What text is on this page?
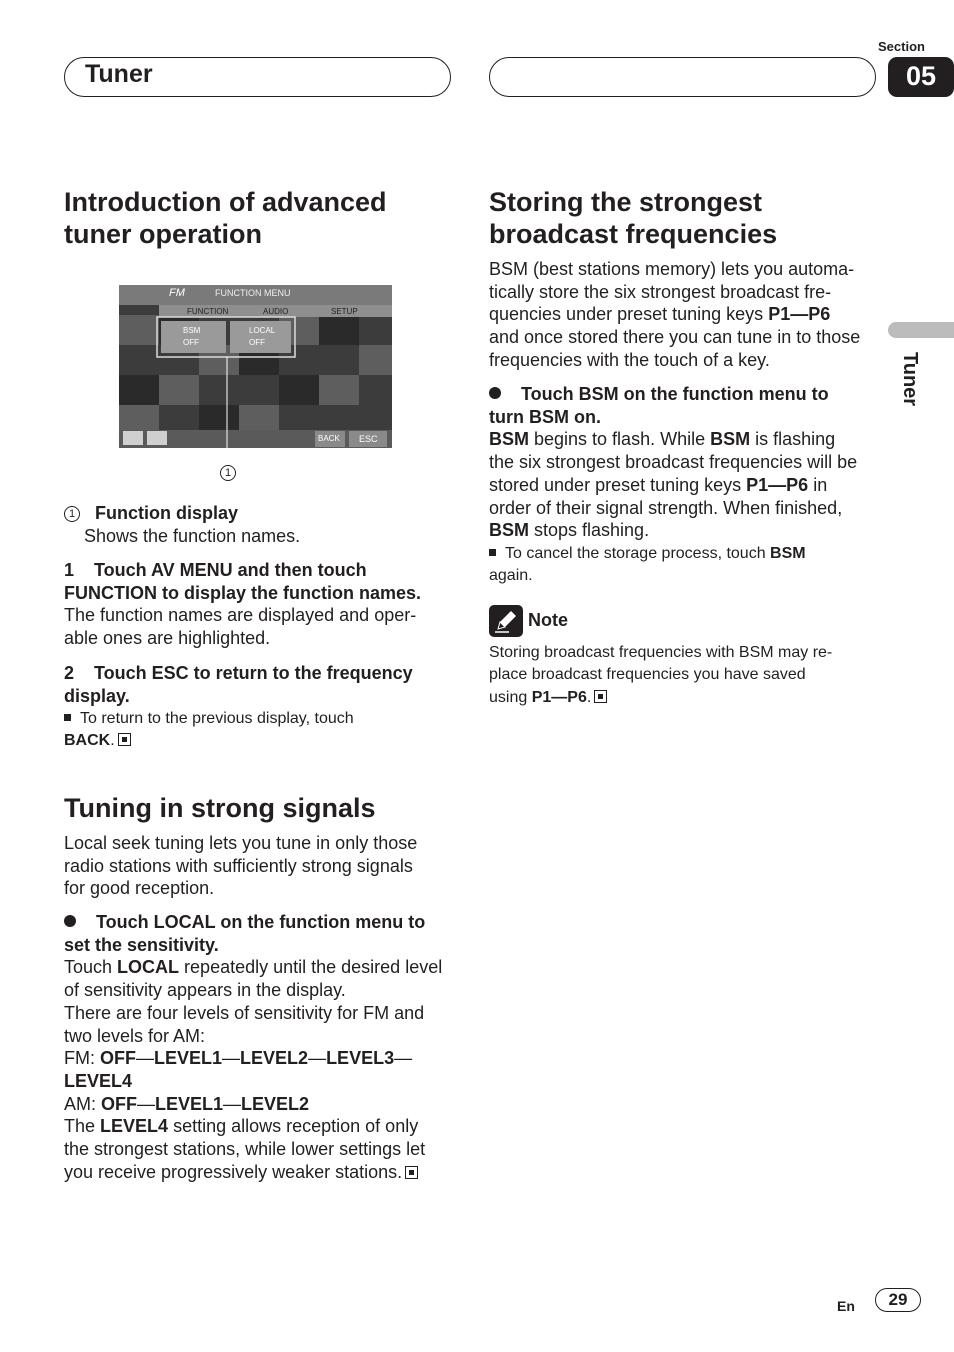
Tuner
Section
05
Tuner
Introduction of advanced
tuner operation
FM	FUNCTION MENU
FUNCTION	AUDIO	SETUP
BSM
OFF
LOCAL
OFF
BACK ESC
1
1 Function display
Shows the function names.
1    Touch AV MENU and then touch
FUNCTION to display the function names.
The function names are displayed and oper-
able ones are highlighted.
2    Touch ESC to return to the frequency
display.
To return to the previous display, touch
BACK.
Tuning in strong signals
Local seek tuning lets you tune in only those
radio stations with sufficiently strong signals
for good reception.
Touch LOCAL on the function menu to
set the sensitivity.
Touch LOCAL repeatedly until the desired level
of sensitivity appears in the display.
There are four levels of sensitivity for FM and
two levels for AM:
FM: OFF—LEVEL1—LEVEL2—LEVEL3—
LEVEL4
AM: OFF—LEVEL1—LEVEL2
The LEVEL4 setting allows reception of only
the strongest stations, while lower settings let
you receive progressively weaker stations.
Storing the strongest
broadcast frequencies
BSM (best stations memory) lets you automa-
tically store the six strongest broadcast fre-
quencies under preset tuning keys P1—P6
and once stored there you can tune in to those
frequencies with the touch of a key.
Touch BSM on the function menu to
turn BSM on.
BSM begins to flash. While BSM is flashing
the six strongest broadcast frequencies will be
stored under preset tuning keys P1—P6 in
order of their signal strength. When finished,
BSM stops flashing.
To cancel the storage process, touch BSM
again.
Note
Storing broadcast frequencies with BSM may re-
place broadcast frequencies you have saved
using P1—P6.
En	29
